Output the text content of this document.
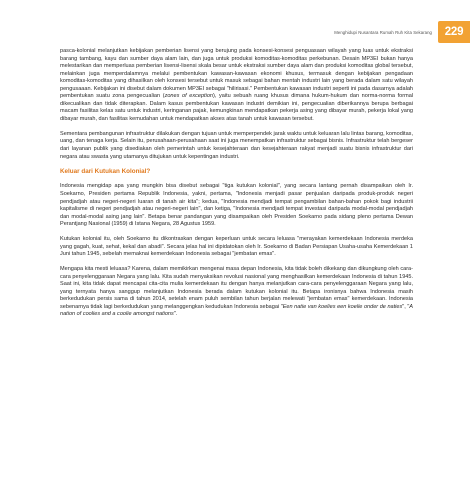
Menghidupi Nusantara Rumah Ruh Kita Sekarang 229

pasca-kolonial melanjutkan kebijakan pemberian lisensi yang berujung pada konsesi-konsesi penguasaan wilayah yang luas untuk ekstraksi barang tambang, kayu dan sumber daya alam lain, dan juga untuk produksi komoditas-komoditas perkebunan. Desain MP3EI bukan hanya melestarikan dan memperluas pemberian lisensi-lisensi skala besar untuk ekstraksi sumber daya alam dan produksi komoditas global tersebut, melainkan juga memperdalamnya melalui pembentukan kawasan-kawasan ekonomi khusus, termasuk dengan kebijakan pengadaan komoditas-komoditas yang dihasilkan oleh konsesi tersebut untuk masuk sebagai bahan mentah industri lain yang berada dalam satu wilayah pengusaaan. Kebijakan ini disebut dalam dokumen MP3EI sebagai "hilirisasi." Pembentukan kawasan industri seperti ini pada dasarnya adalah pembentukan suatu zona pengecualian (zones of exception), yaitu sebuah ruang khusus dimana hukum-hukum dan norma-norma formal dikecualikan dan tidak diterapkan. Dalam kasus pembentukan kawasan industri demikian ini, pengecualian diberikannya berupa berbagai macam fasilitas kelas satu untuk industri, keringanan pajak, kemungkinan mendapatkan pekerja asing yang dibayar murah, pekerja lokal yang dibayar murah, dan fasilitas kemudahan untuk mendapatkan akses atas tanah untuk kawasan tersebut.

Sementara pembangunan infrastruktur dilakukan dengan tujuan untuk memperpendek jarak waktu untuk keluaran lalu lintas barang, komoditas, uang, dan tenaga kerja. Selain itu, perusahaan-perusahaan saat ini juga menempatkan infrastruktur sebagai bisnis. Infrastruktur telah bergeser dari layanan publik yang disediakan oleh pemerintah untuk kesejahteraan dan kesejahteraan rakyat menjadi suatu bisnis infrastruktur dari negara atau swasta yang utamanya ditujukan untuk kepentingan industri.

Keluar dari Kutukan Kolonial?

Indonesia mengidap apa yang mungkin bisa disebut sebagai "tiga kutukan kolonial", yang secara lantang pernah disampaikan oleh Ir. Soekarno, Presiden pertama Republik Indonesia, yakni, pertama, "Indonesia menjadi pasar penjualan daripada produk-produk negeri pendjadjah atau negeri-negeri luaran di tanah air kita"; kedua, "Indonesia mendjadi tempat pengambilan bahan-bahan pokok bagi industrii kapitalisme di negeri pendjadjah atau negeri-negeri lain", dan ketiga, "Indonesia mendjadi tempat investasi daripada modal-modal pendjadjah dan modal-modal asing jang lain". Betapa benar pandangan yang disampaikan oleh Presiden Soekarno pada sidang pleno pertama Dewan Perantjang Nasional (1959) di Istana Negara, 28 Agustus 1959.

Kutukan kolonial itu, oleh Soekarno itu dikontraskan dengan keperluan untuk secara leluasa "merayakan kemerdekaan Indonesia merdeka yang gagah, kuat, sehat, kekal dan abadi". Secara jelas hal ini dipidatokan oleh Ir. Soekarno di Badan Persiapan Usaha-usaha Kemerdekaan 1 Juni tahun 1945, sebelah memaknai kemerdekaan Indonesia sebagai "jembatan emas".

Mengapa kita mesti leluasa? Karena, dalam memikirkan mengenai masa depan Indonesia, kita tidak boleh dikekang dan dikungkung oleh cara-cara penyelenggaraan Negara yang lalu. Kita sudah menyaksikan revolusi nasional yang menghasilkan kemerdekaan Indonesia di tahun 1945. Saat ini, kita tidak dapat mencapai cita-cita mulia kemerdekaan itu dengan hanya melanjutkan cara-cara penyelenggaraan Negara yang lalu, yang ternyata hanya sanggup melanjutkan Indonesia berada dalam kutukan kolonial itu. Betapa ironisnya bahwa Indonesia masih berkedudukan persis sama di tahun 2014, setelah enam puluh sembilan tahun berjalan melewati "jembatan emas" kemerdekaan. Indonesia sebenarnya tidak lagi berkedudukan yang melanggengkan kedudukan Indonesia sebagai "Een natie van koelies een koelie onder de naties", "A nation of coolies and a coolie amongst nations".
